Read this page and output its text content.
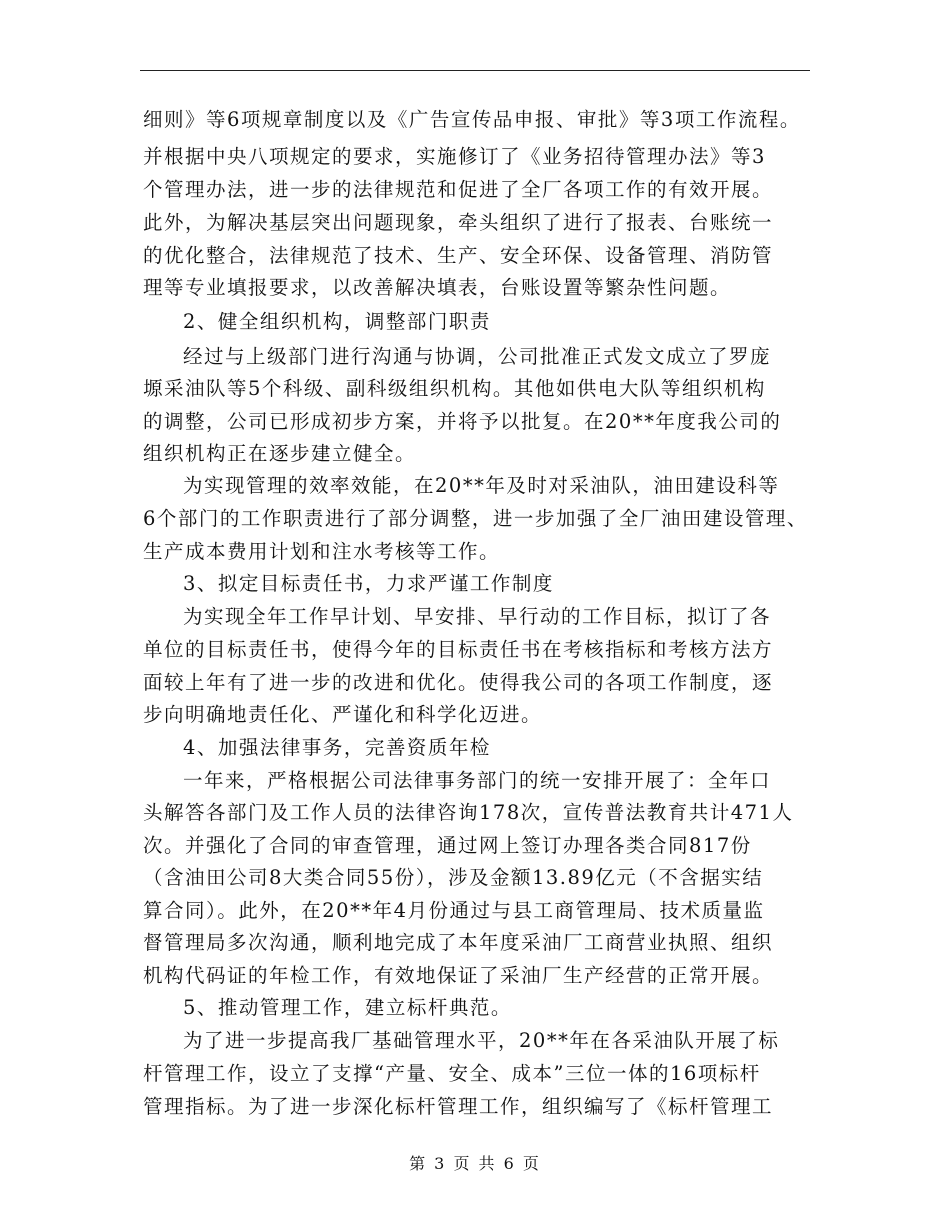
细则》等6项规章制度以及《广告宣传品申报、审批》等3项工作流程。
并根据中央八项规定的要求，实施修订了《业务招待管理办法》等3
个管理办法，进一步的法律规范和促进了全厂各项工作的有效开展。
此外，为解决基层突出问题现象，牵头组织了进行了报表、台账统一
的优化整合，法律规范了技术、生产、安全环保、设备管理、消防管
理等专业填报要求，以改善解决填表，台账设置等繁杂性问题。
2、健全组织机构，调整部门职责
经过与上级部门进行沟通与协调，公司批准正式发文成立了罗庞
塬采油队等5个科级、副科级组织机构。其他如供电大队等组织机构
的调整，公司已形成初步方案，并将予以批复。在20**年度我公司的
组织机构正在逐步建立健全。
为实现管理的效率效能，在20**年及时对采油队，油田建设科等
6个部门的工作职责进行了部分调整，进一步加强了全厂油田建设管理、
生产成本费用计划和注水考核等工作。
3、拟定目标责任书，力求严谨工作制度
为实现全年工作早计划、早安排、早行动的工作目标，拟订了各
单位的目标责任书，使得今年的目标责任书在考核指标和考核方法方
面较上年有了进一步的改进和优化。使得我公司的各项工作制度，逐
步向明确地责任化、严谨化和科学化迈进。
4、加强法律事务，完善资质年检
一年来，严格根据公司法律事务部门的统一安排开展了：全年口
头解答各部门及工作人员的法律咨询178次，宣传普法教育共计471人
次。并强化了合同的审查管理，通过网上签订办理各类合同817份
（含油田公司8大类合同55份），涉及金额13.89亿元（不含据实结
算合同）。此外，在20**年4月份通过与县工商管理局、技术质量监
督管理局多次沟通，顺利地完成了本年度采油厂工商营业执照、组织
机构代码证的年检工作，有效地保证了采油厂生产经营的正常开展。
5、推动管理工作，建立标杆典范。
为了进一步提高我厂基础管理水平，20**年在各采油队开展了标
杆管理工作，设立了支撑“产量、安全、成本”三位一体的16项标杆
管理指标。为了进一步深化标杆管理工作，组织编写了《标杆管理工
第 3 页 共 6 页
